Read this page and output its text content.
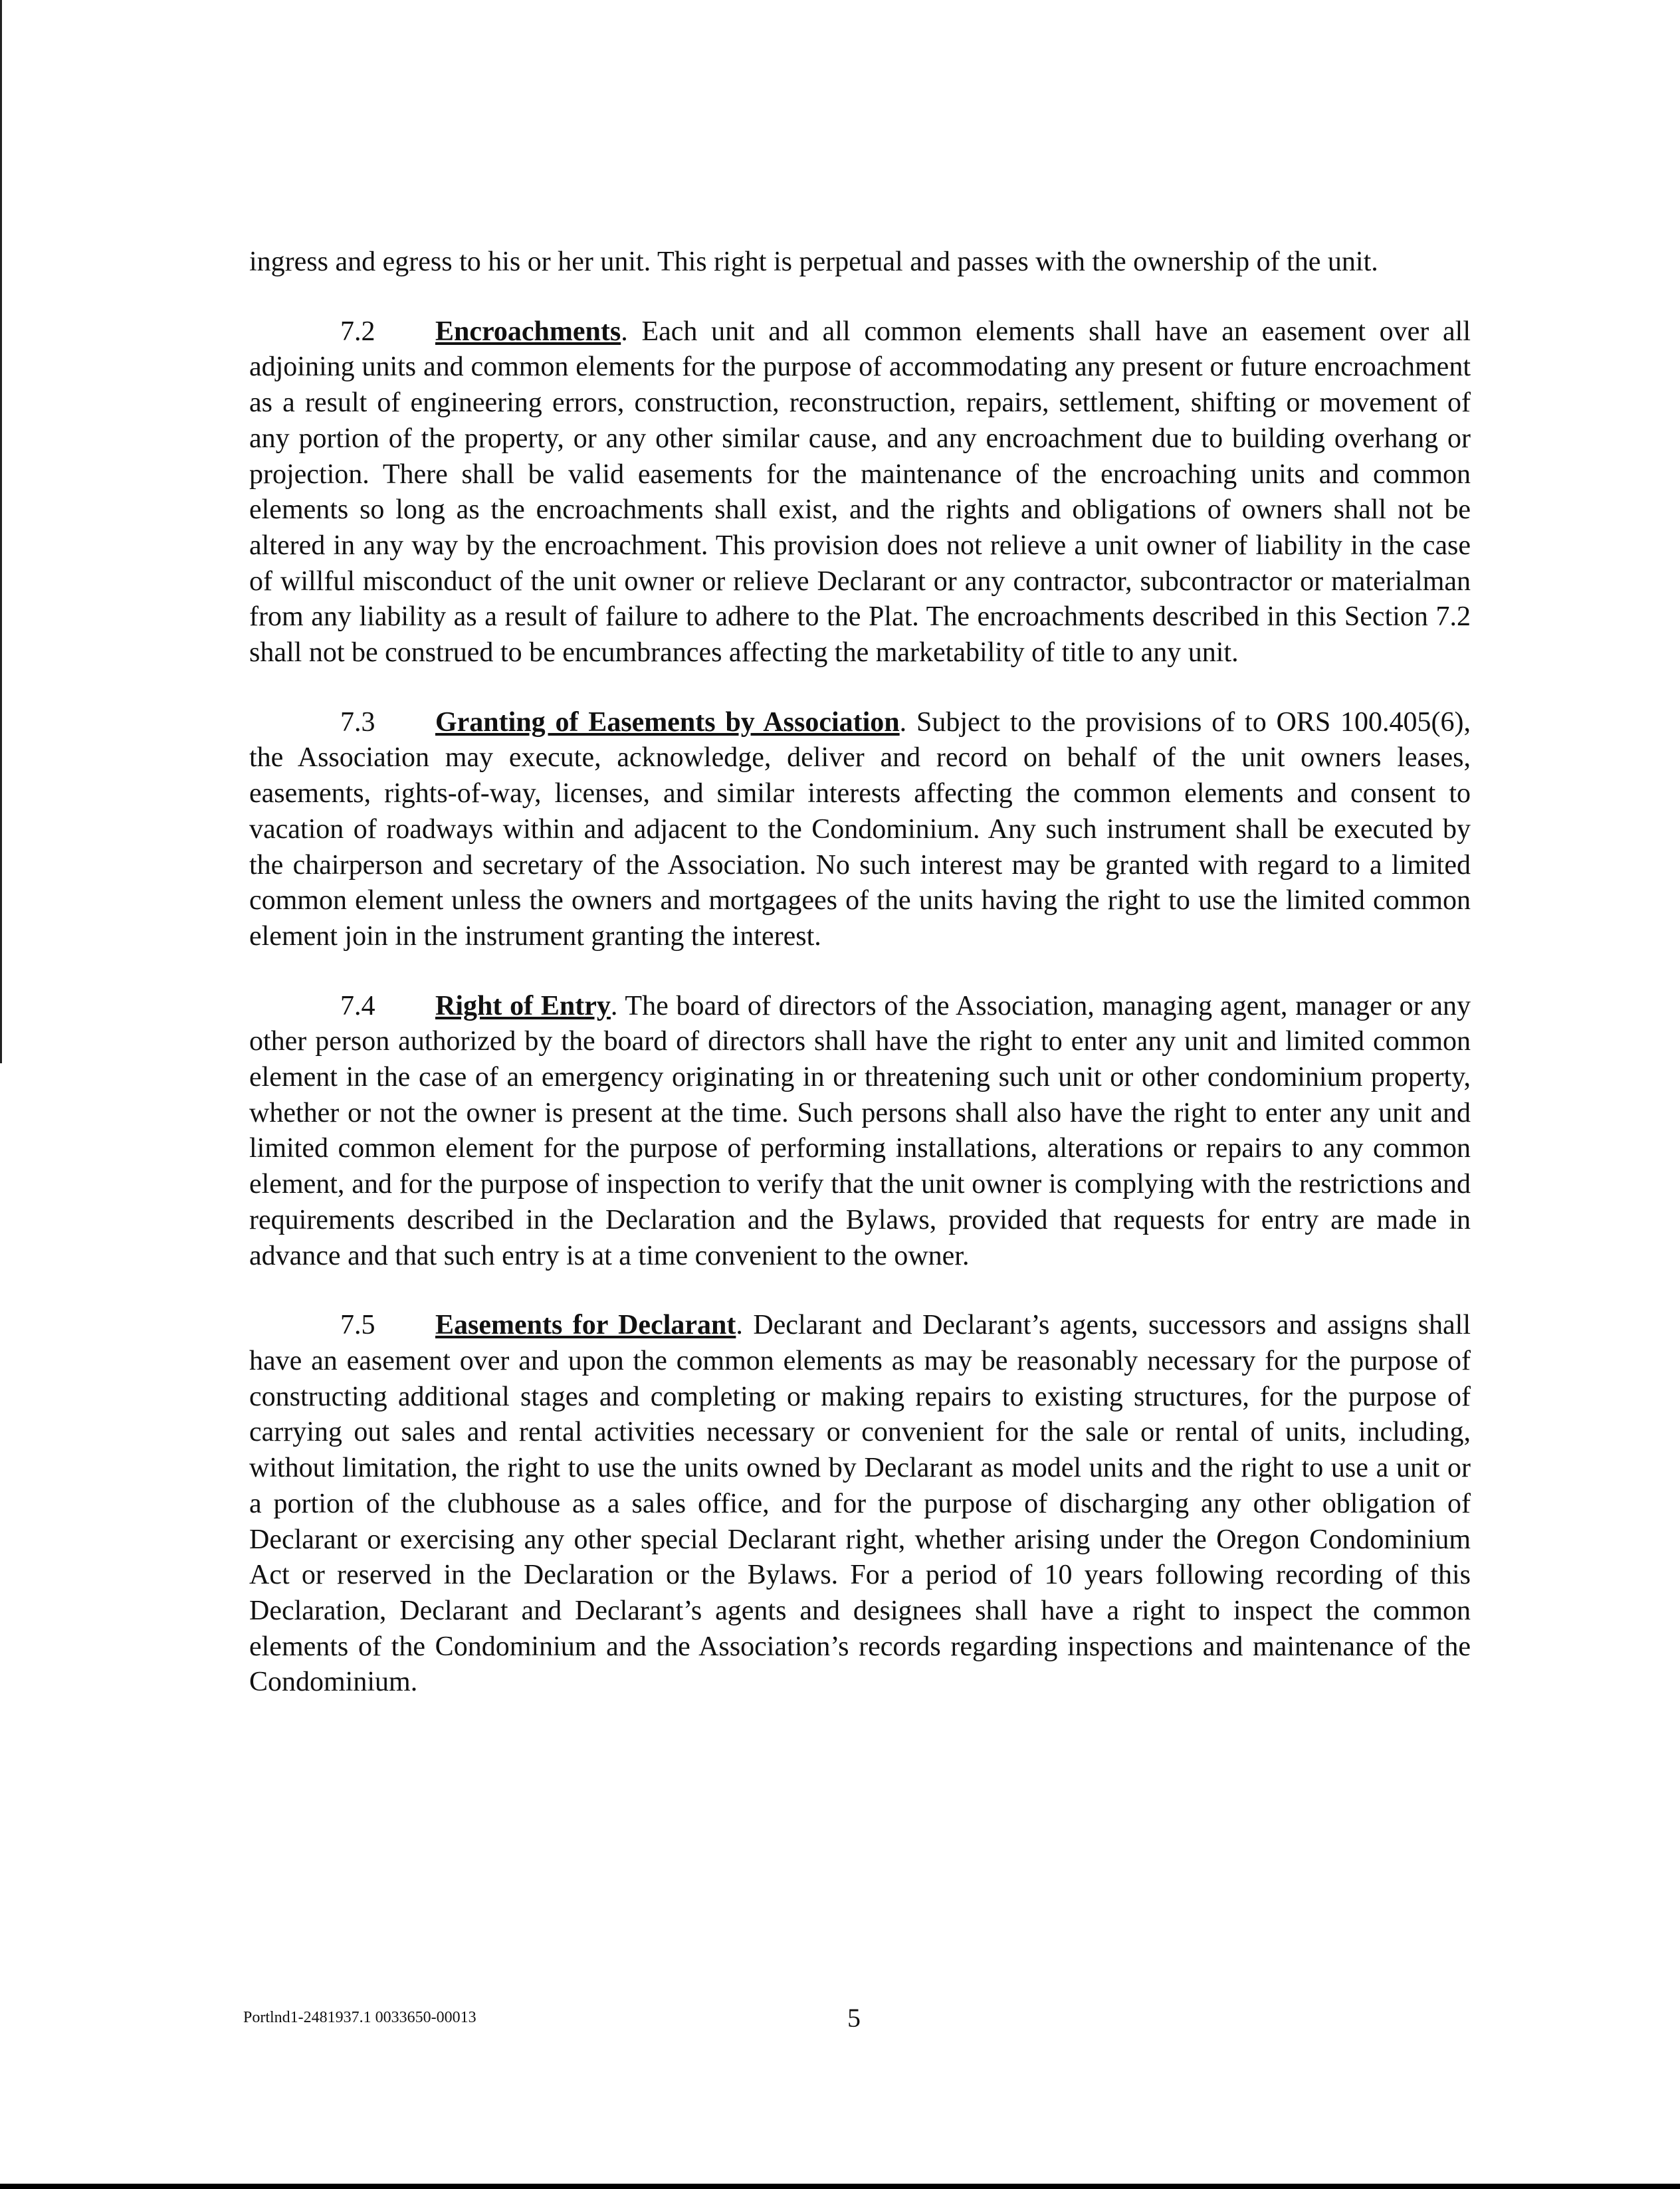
ingress and egress to his or her unit. This right is perpetual and passes with the ownership of the unit.

7.2 Encroachments. Each unit and all common elements shall have an easement over all adjoining units and common elements for the purpose of accommodating any present or future encroachment as a result of engineering errors, construction, reconstruction, repairs, settlement, shifting or movement of any portion of the property, or any other similar cause, and any encroachment due to building overhang or projection. There shall be valid easements for the maintenance of the encroaching units and common elements so long as the encroachments shall exist, and the rights and obligations of owners shall not be altered in any way by the encroachment. This provision does not relieve a unit owner of liability in the case of willful misconduct of the unit owner or relieve Declarant or any contractor, subcontractor or materialman from any liability as a result of failure to adhere to the Plat. The encroachments described in this Section 7.2 shall not be construed to be encumbrances affecting the marketability of title to any unit.

7.3 Granting of Easements by Association. Subject to the provisions of to ORS 100.405(6), the Association may execute, acknowledge, deliver and record on behalf of the unit owners leases, easements, rights-of-way, licenses, and similar interests affecting the common elements and consent to vacation of roadways within and adjacent to the Condominium. Any such instrument shall be executed by the chairperson and secretary of the Association. No such interest may be granted with regard to a limited common element unless the owners and mortgagees of the units having the right to use the limited common element join in the instrument granting the interest.

7.4 Right of Entry. The board of directors of the Association, managing agent, manager or any other person authorized by the board of directors shall have the right to enter any unit and limited common element in the case of an emergency originating in or threatening such unit or other condominium property, whether or not the owner is present at the time. Such persons shall also have the right to enter any unit and limited common element for the purpose of performing installations, alterations or repairs to any common element, and for the purpose of inspection to verify that the unit owner is complying with the restrictions and requirements described in the Declaration and the Bylaws, provided that requests for entry are made in advance and that such entry is at a time convenient to the owner.

7.5 Easements for Declarant. Declarant and Declarant’s agents, successors and assigns shall have an easement over and upon the common elements as may be reasonably necessary for the purpose of constructing additional stages and completing or making repairs to existing structures, for the purpose of carrying out sales and rental activities necessary or convenient for the sale or rental of units, including, without limitation, the right to use the units owned by Declarant as model units and the right to use a unit or a portion of the clubhouse as a sales office, and for the purpose of discharging any other obligation of Declarant or exercising any other special Declarant right, whether arising under the Oregon Condominium Act or reserved in the Declaration or the Bylaws. For a period of 10 years following recording of this Declaration, Declarant and Declarant’s agents and designees shall have a right to inspect the common elements of the Condominium and the Association’s records regarding inspections and maintenance of the Condominium.

Portlnd1-2481937.1 0033650-00013	5
